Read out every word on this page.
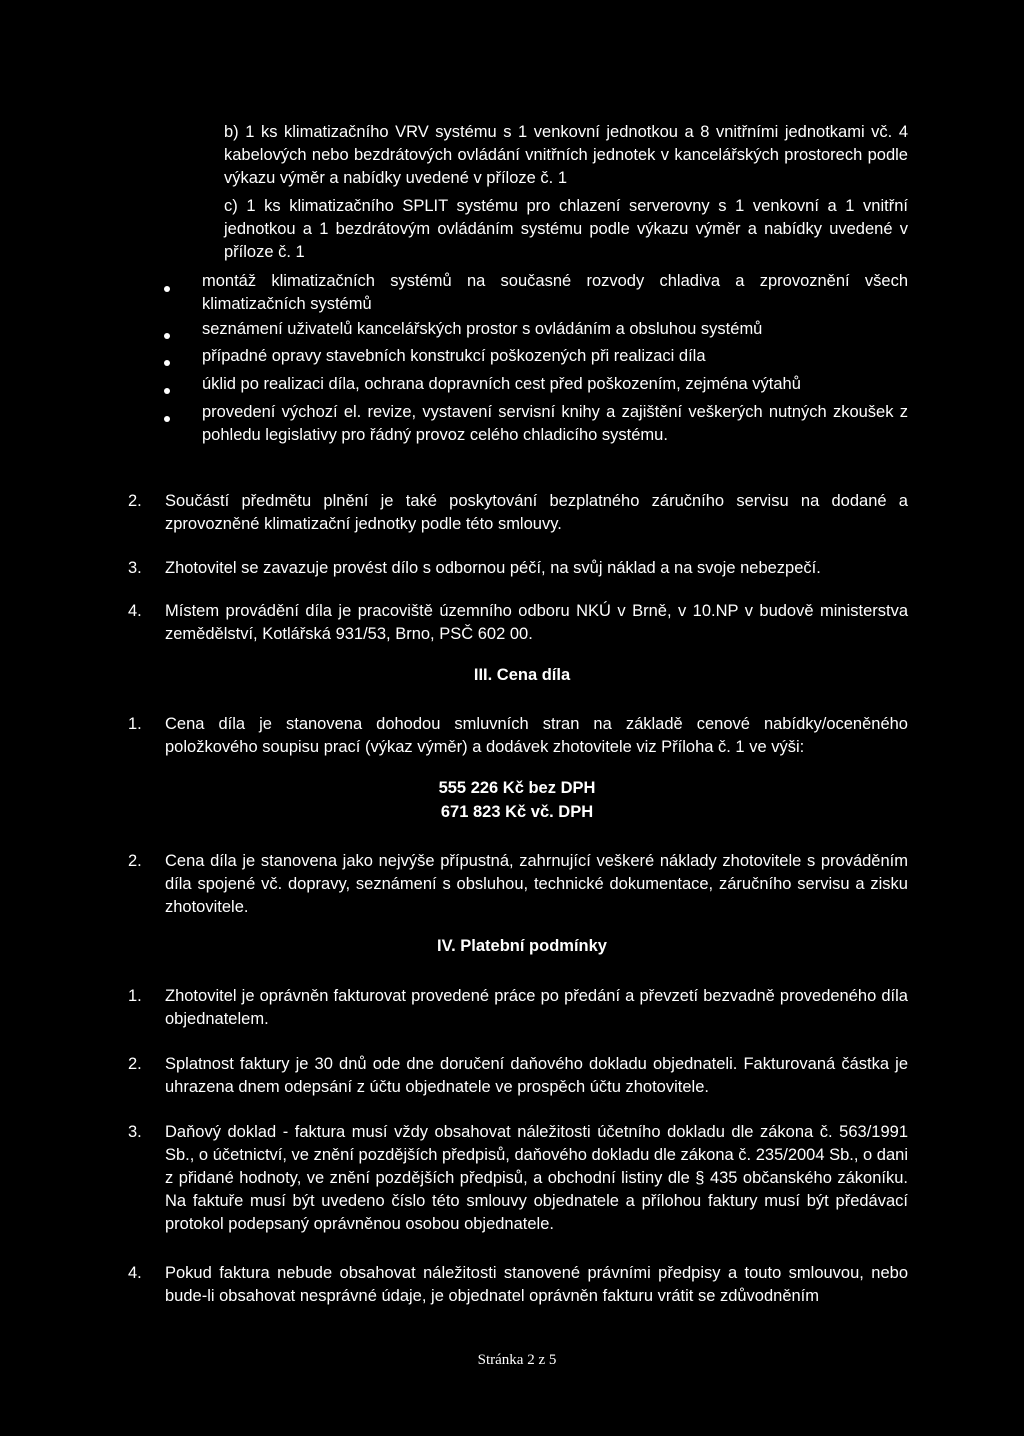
b) 1 ks klimatizačního VRV systému s 1 venkovní jednotkou a 8 vnitřními jednotkami vč. 4 kabelových nebo bezdrátových ovládání vnitřních jednotek v kancelářských prostorech podle výkazu výměr a nabídky uvedené v příloze č. 1
c) 1 ks klimatizačního SPLIT systému pro chlazení serverovny s 1 venkovní a 1 vnitřní jednotkou a 1 bezdrátovým ovládáním systému podle výkazu výměr a nabídky uvedené v příloze č. 1
montáž klimatizačních systémů na současné rozvody chladiva a zprovoznění všech klimatizačních systémů
seznámení uživatelů kancelářských prostor s ovládáním a obsluhou systémů
případné opravy stavebních konstrukcí poškozených při realizaci díla
úklid po realizaci díla, ochrana dopravních cest před poškozením, zejména výtahů
provedení výchozí el. revize, vystavení servisní knihy a zajištění veškerých nutných zkoušek z pohledu legislativy pro řádný provoz celého chladicího systému.
2. Součástí předmětu plnění je také poskytování bezplatného záručního servisu na dodané a zprovozněné klimatizační jednotky podle této smlouvy.
3. Zhotovitel se zavazuje provést dílo s odbornou péčí, na svůj náklad a na svoje nebezpečí.
4. Místem provádění díla je pracoviště územního odboru NKÚ v Brně, v 10.NP v budově ministerstva zemědělství, Kotlářská 931/53, Brno, PSČ 602 00.
III. Cena díla
1. Cena díla je stanovena dohodou smluvních stran na základě cenové nabídky/oceněného položkového soupisu prací (výkaz výměr) a dodávek zhotovitele viz Příloha č. 1 ve výši:
555 226 Kč bez DPH
671 823 Kč vč. DPH
2. Cena díla je stanovena jako nejvýše přípustná, zahrnující veškeré náklady zhotovitele s prováděním díla spojené vč. dopravy, seznámení s obsluhou, technické dokumentace, záručního servisu a zisku zhotovitele.
IV. Platební podmínky
1. Zhotovitel je oprávněn fakturovat provedené práce po předání a převzetí bezvadně provedeného díla objednatelem.
2. Splatnost faktury je 30 dnů ode dne doručení daňového dokladu objednateli. Fakturovaná částka je uhrazena dnem odepsání z účtu objednatele ve prospěch účtu zhotovitele.
3. Daňový doklad - faktura musí vždy obsahovat náležitosti účetního dokladu dle zákona č. 563/1991 Sb., o účetnictví, ve znění pozdějších předpisů, daňového dokladu dle zákona č. 235/2004 Sb., o dani z přidané hodnoty, ve znění pozdějších předpisů, a obchodní listiny dle § 435 občanského zákoníku. Na faktuře musí být uvedeno číslo této smlouvy objednatele a přílohou faktury musí být předávací protokol podepsaný oprávněnou osobou objednatele.
4. Pokud faktura nebude obsahovat náležitosti stanovené právními předpisy a touto smlouvou, nebo bude-li obsahovat nesprávné údaje, je objednatel oprávněn fakturu vrátit se zdůvodněním
Stránka 2 z 5
